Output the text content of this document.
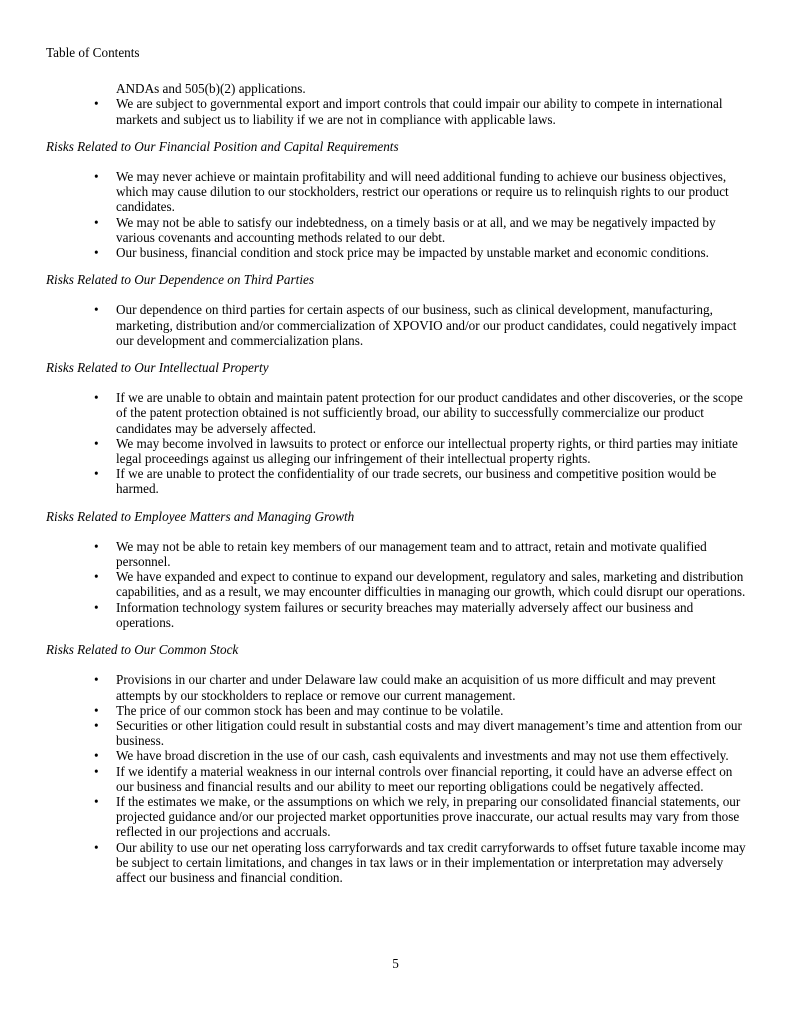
Table of Contents
ANDAs and 505(b)(2) applications.
• We are subject to governmental export and import controls that could impair our ability to compete in international markets and subject us to liability if we are not in compliance with applicable laws.
Risks Related to Our Financial Position and Capital Requirements
• We may never achieve or maintain profitability and will need additional funding to achieve our business objectives, which may cause dilution to our stockholders, restrict our operations or require us to relinquish rights to our product candidates.
• We may not be able to satisfy our indebtedness, on a timely basis or at all, and we may be negatively impacted by various covenants and accounting methods related to our debt.
• Our business, financial condition and stock price may be impacted by unstable market and economic conditions.
Risks Related to Our Dependence on Third Parties
• Our dependence on third parties for certain aspects of our business, such as clinical development, manufacturing, marketing, distribution and/or commercialization of XPOVIO and/or our product candidates, could negatively impact our development and commercialization plans.
Risks Related to Our Intellectual Property
• If we are unable to obtain and maintain patent protection for our product candidates and other discoveries, or the scope of the patent protection obtained is not sufficiently broad, our ability to successfully commercialize our product candidates may be adversely affected.
• We may become involved in lawsuits to protect or enforce our intellectual property rights, or third parties may initiate legal proceedings against us alleging our infringement of their intellectual property rights.
• If we are unable to protect the confidentiality of our trade secrets, our business and competitive position would be harmed.
Risks Related to Employee Matters and Managing Growth
• We may not be able to retain key members of our management team and to attract, retain and motivate qualified personnel.
• We have expanded and expect to continue to expand our development, regulatory and sales, marketing and distribution capabilities, and as a result, we may encounter difficulties in managing our growth, which could disrupt our operations.
• Information technology system failures or security breaches may materially adversely affect our business and operations.
Risks Related to Our Common Stock
• Provisions in our charter and under Delaware law could make an acquisition of us more difficult and may prevent attempts by our stockholders to replace or remove our current management.
• The price of our common stock has been and may continue to be volatile.
• Securities or other litigation could result in substantial costs and may divert management’s time and attention from our business.
• We have broad discretion in the use of our cash, cash equivalents and investments and may not use them effectively.
• If we identify a material weakness in our internal controls over financial reporting, it could have an adverse effect on our business and financial results and our ability to meet our reporting obligations could be negatively affected.
• If the estimates we make, or the assumptions on which we rely, in preparing our consolidated financial statements, our projected guidance and/or our projected market opportunities prove inaccurate, our actual results may vary from those reflected in our projections and accruals.
• Our ability to use our net operating loss carryforwards and tax credit carryforwards to offset future taxable income may be subject to certain limitations, and changes in tax laws or in their implementation or interpretation may adversely affect our business and financial condition.
5
